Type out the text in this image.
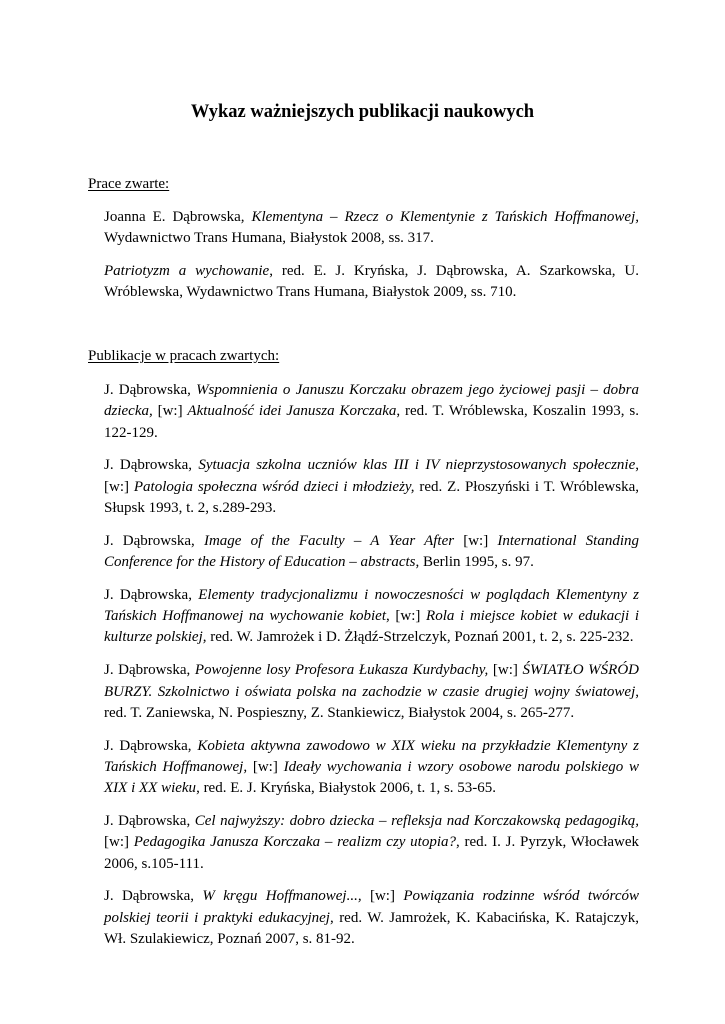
Wykaz ważniejszych publikacji naukowych
Prace zwarte:

Joanna E. Dąbrowska, Klementyna – Rzecz o Klementynie z Tańskich Hoffmanowej, Wydawnictwo Trans Humana, Białystok 2008, ss. 317.

Patriotyzm a wychowanie, red. E. J. Kryńska, J. Dąbrowska, A. Szarkowska, U. Wróblewska, Wydawnictwo Trans Humana, Białystok 2009, ss. 710.

Publikacje w pracach zwartych:

J. Dąbrowska, Wspomnienia o Januszu Korczaku obrazem jego życiowej pasji – dobra dziecka, [w:] Aktualność idei Janusza Korczaka, red. T. Wróblewska, Koszalin 1993, s. 122-129.

J. Dąbrowska, Sytuacja szkolna uczniów klas III i IV nieprzystosowanych społecznie, [w:] Patologia społeczna wśród dzieci i młodzieży, red. Z. Płoszyński i T. Wróblewska, Słupsk 1993, t. 2, s.289-293.

J. Dąbrowska, Image of the Faculty – A Year After [w:] International Standing Conference for the History of Education – abstracts, Berlin 1995, s. 97.

J. Dąbrowska, Elementy tradycjonalizmu i nowoczesności w poglądach Klementyny z Tańskich Hoffmanowej na wychowanie kobiet, [w:] Rola i miejsce kobiet w edukacji i kulturze polskiej, red. W. Jamrożek i D. Żłądź-Strzelczyk, Poznań 2001, t. 2, s. 225-232.

J. Dąbrowska, Powojenne losy Profesora Łukasza Kurdybachy, [w:] ŚWIATŁO WŚRÓD BURZY. Szkolnictwo i oświata polska na zachodzie w czasie drugiej wojny światowej, red. T. Zaniewska, N. Pospieszny, Z. Stankiewicz, Białystok 2004, s. 265-277.

J. Dąbrowska, Kobieta aktywna zawodowo w XIX wieku na przykładzie Klementyny z Tańskich Hoffmanowej, [w:] Ideały wychowania i wzory osobowe narodu polskiego w XIX i XX wieku, red. E. J. Kryńska, Białystok 2006, t. 1, s. 53-65.

J. Dąbrowska, Cel najwyższy: dobro dziecka – refleksja nad Korczakowską pedagogiką, [w:] Pedagogika Janusza Korczaka – realizm czy utopia?, red. I. J. Pyrzyk, Włocławek 2006, s.105-111.

J. Dąbrowska, W kręgu Hoffmanowej..., [w:] Powiązania rodzinne wśród twórców polskiej teorii i praktyki edukacyjnej, red. W. Jamrożek, K. Kabacińska, K. Ratajczyk, Wł. Szulakiewicz, Poznań 2007, s. 81-92.
